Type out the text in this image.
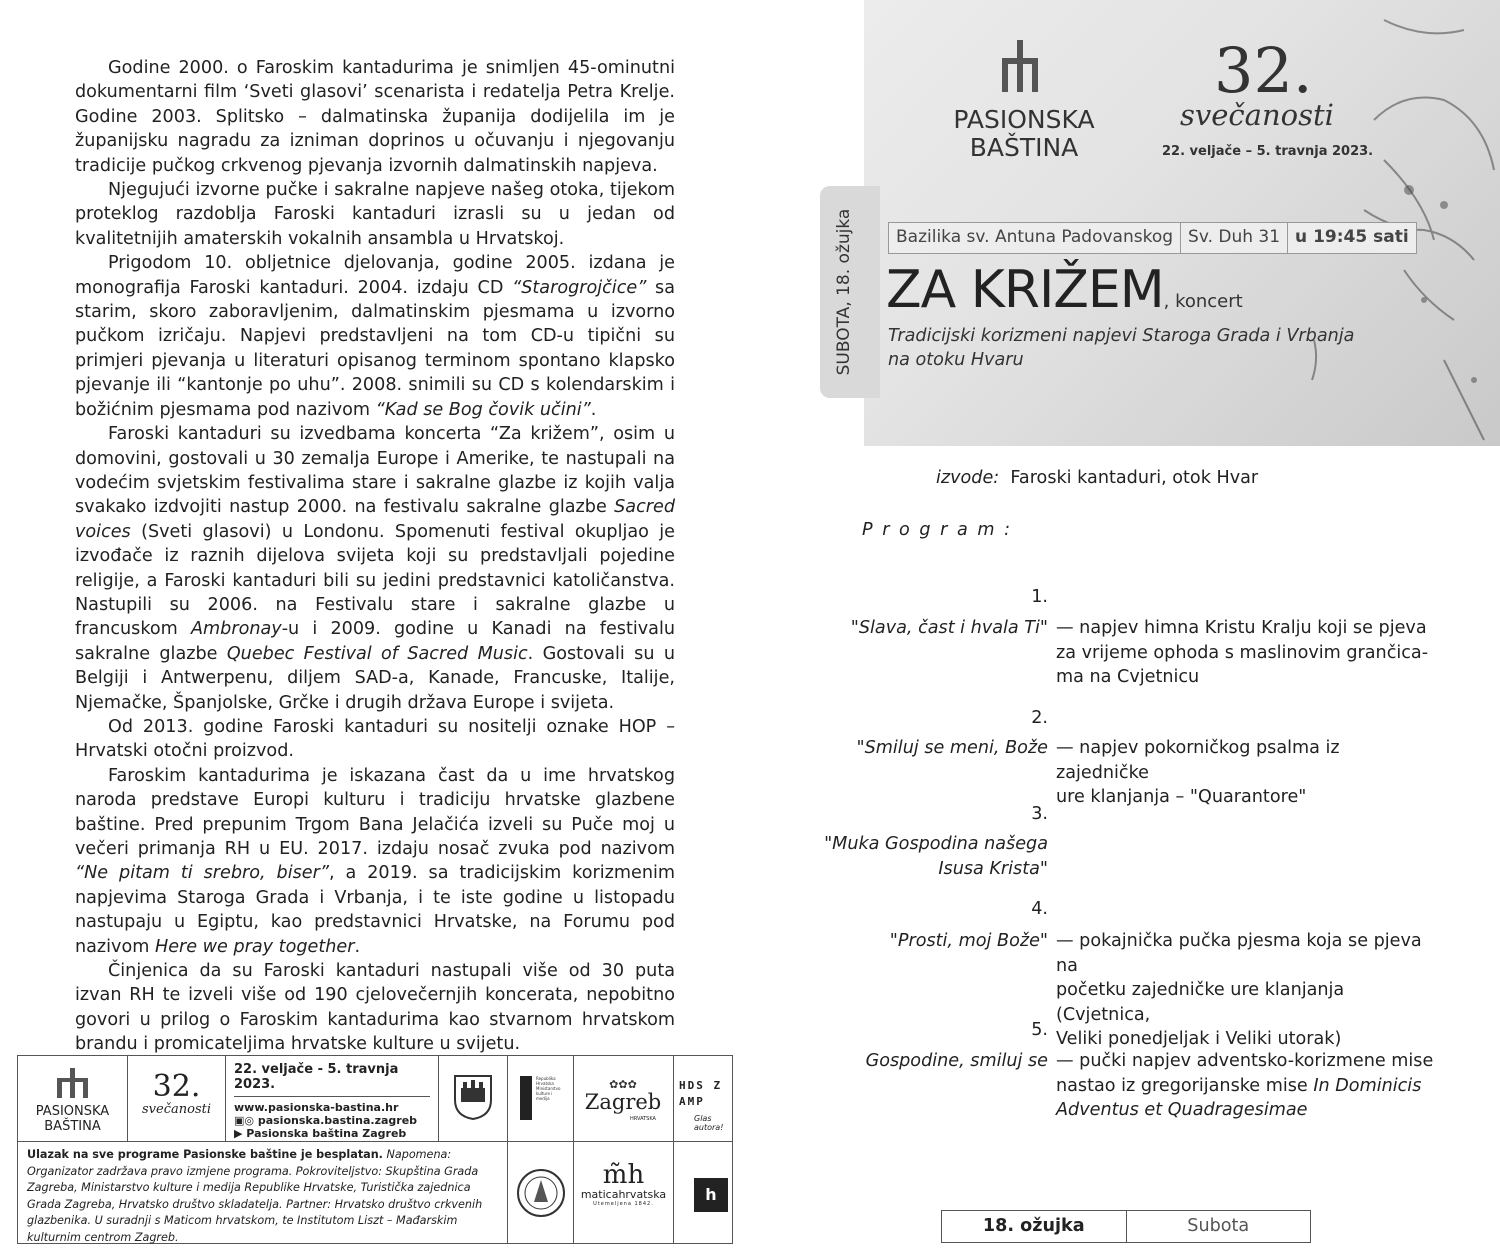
Godine 2000. o Faroskim kantadurima je snimljen 45-ominutni dokumentarni film ‘Sveti glasovi’ scenarista i redatelja Petra Krelje. Godine 2003. Splitsko – dalmatinska županija dodijelila im je županijsku nagradu za izniman doprinos u očuvanju i njegovanju tradicije pučkog crkvenog pjevanja izvornih dalmatinskih napjeva.

Njegujući izvorne pučke i sakralne napjeve našeg otoka, tijekom proteklog razdoblja Faroski kantaduri izrasli su u jedan od kvalitetnijih amaterskih vokalnih ansambla u Hrvatskoj.

Prigodom 10. obljetnice djelovanja, godine 2005. izdana je monografija Faroski kantaduri. 2004. izdaju CD “Starogrojčice” sa starim, skoro zaboravljenim, dalmatinskim pjesmama u izvorno pučkom izričaju. Napjevi predstavljeni na tom CD-u tipični su primjeri pjevanja u literaturi opisanog terminom spontano klapsko pjevanje ili “kantonje po uhu”. 2008. snimili su CD s kolendarskim i božićnim pjesmama pod nazivom “Kad se Bog čovik učini”.

Faroski kantaduri su izvedbama koncerta “Za križem”, osim u domovini, gostovali u 30 zemalja Europe i Amerike, te nastupali na vodećim svjetskim festivalima stare i sakralne glazbe iz kojih valja svakako izdvojiti nastup 2000. na festivalu sakralne glazbe Sacred voices (Sveti glasovi) u Londonu. Spomenuti festival okupljao je izvođače iz raznih dijelova svijeta koji su predstavljali pojedine religije, a Faroski kantaduri bili su jedini predstavnici katoličanstva. Nastupili su 2006. na Festivalu stare i sakralne glazbe u francuskom Ambronay-u i 2009. godine u Kanadi na festivalu sakralne glazbe Quebec Festival of Sacred Music. Gostovali su u Belgiji i Antwerpenu, diljem SAD-a, Kanade, Francuske, Italije, Njemačke, Španjolske, Grčke i drugih država Europe i svijeta.

Od 2013. godine Faroski kantaduri su nositelji oznake HOP – Hrvatski otočni proizvod.

Faroskim kantadurima je iskazana čast da u ime hrvatskog naroda predstave Europi kulturu i tradiciju hrvatske glazbene baštine. Pred prepunim Trgom Bana Jelačića izveli su Puče moj u večeri primanja RH u EU. 2017. izdaju nosač zvuka pod nazivom “Ne pitam ti srebro, biser”, a 2019. sa tradicijskim korizmenim napjevima Staroga Grada i Vrbanja, i te iste godine u listopadu nastupaju u Egiptu, kao predstavnici Hrvatske, na Forumu pod nazivom Here we pray together.

Činjenica da su Faroski kantaduri nastupali više od 30 puta izvan RH te izveli više od 190 cjelovečernjih koncerata, nepobitno govori u prilog o Faroskim kantadurima kao stvarnom hrvatskom brandu i promicateljima hrvatske kulture u svijetu.

PASIONSKA
BAŠTINA
32.
svečanosti
22. veljače - 5. travnja 2023.
www.pasionska-bastina.hr
▣◎ pasionska.bastina.zagreb
▶ Pasionska baština Zagreb
Republika Hrvatska Ministarstvo kulture i medija
✿✿✿
Zagreb
HRVATSKA
HDS ZAMP
Glas autora!
Ulazak na sve programe Pasionske baštine je besplatan. Napomena: Organizator zadržava pravo izmjene programa. Pokroviteljstvo: Skupština Grada Zagreba, Ministarstvo kulture i medija Republike Hrvatske, Turistička zajednica Grada Zagreba, Hrvatsko društvo skladatelja. Partner: Hrvatsko društvo crkvenih glazbenika. U suradnji s Maticom hrvatskom, te Institutom Liszt – Mađarskim kulturnim centrom Zagreb.
m̃h
maticahrvatska
Utemeljena 1842.	h
PASIONSKA
BAŠTINA
32.
svečanosti
22. veljače – 5. travnja 2023.
SUBOTA, 18. ožujka	Bazilika sv. Antuna Padovanskog Sv. Duh 31 u 19:45 sati
ZA KRIŽEM, koncert
Tradicijski korizmeni napjevi Staroga Grada i Vrbanja
na otoku Hvaru
izvode: Faroski kantaduri, otok Hvar
P r o g r a m :
1.
"Slava, čast i hvala Ti" — napjev himna Kristu Kralju koji se pjeva
za vrijeme ophoda s maslinovim grančica-
ma na Cvjetnicu
2.
"Smiluj se meni, Bože — napjev pokorničkog psalma iz zajedničke
ure klanjanja – "Quarantore"
3.
"Muka Gospodina našega
Isusa Krista"
4.
"Prosti, moj Bože" — pokajnička pučka pjesma koja se pjeva na
početku zajedničke ure klanjanja (Cvjetnica,
Veliki ponedjeljak i Veliki utorak)
5.
Gospodine, smiluj se — pučki napjev adventsko-korizmene mise
nastao iz gregorijanske mise In Dominicis
Adventus et Quadragesimae
18. ožujka	Subota
